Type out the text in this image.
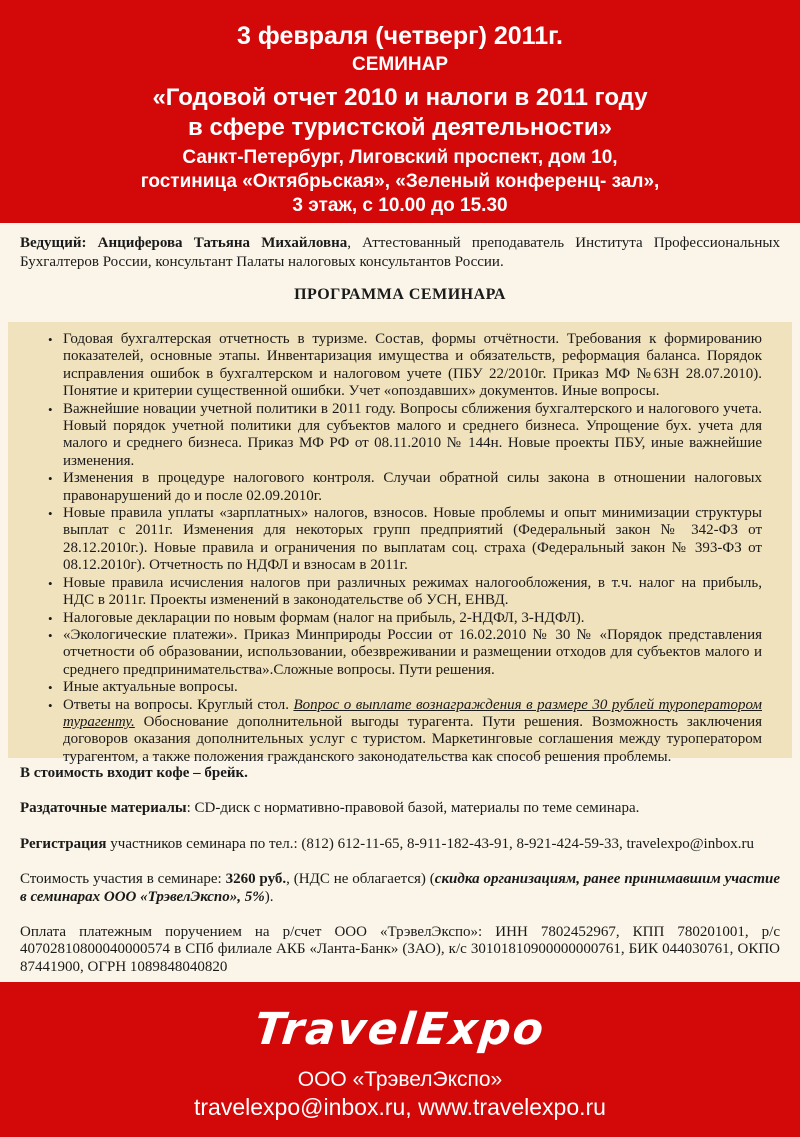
3 февраля (четверг) 2011г.
СЕМИНАР
«Годовой отчет 2010 и налоги в 2011 году
в сфере туристской деятельности»
Санкт-Петербург, Лиговский проспект, дом 10,
гостиница «Октябрьская», «Зеленый конференц- зал»,
3 этаж, с 10.00 до 15.30

Ведущий: Анциферова Татьяна Михайловна, Аттестованный преподаватель Института Профессиональных Бухгалтеров России, консультант Палаты налоговых консультантов России.

ПРОГРАММА СЕМИНАРА
• Годовая бухгалтерская отчетность в туризме. Состав, формы отчётности. Требования к формированию показателей, основные этапы. Инвентаризация имущества и обязательств, реформация баланса. Порядок исправления ошибок в бухгалтерском и налоговом учете (ПБУ 22/2010г. Приказ МФ №63Н 28.07.2010). Понятие и критерии существенной ошибки. Учет «опоздавших» документов. Иные вопросы.
• Важнейшие новации учетной политики в 2011 году. Вопросы сближения бухгалтерского и налогового учета. Новый порядок учетной политики для субъектов малого и среднего бизнеса. Упрощение бух. учета для малого и среднего бизнеса. Приказ МФ РФ от 08.11.2010 № 144н. Новые проекты ПБУ, иные важнейшие изменения.
• Изменения в процедуре налогового контроля. Случаи обратной силы закона в отношении налоговых правонарушений до и после 02.09.2010г.
• Новые правила уплаты «зарплатных» налогов, взносов. Новые проблемы и опыт минимизации структуры выплат с 2011г. Изменения для некоторых групп предприятий (Федеральный закон № 342-ФЗ от 28.12.2010г.). Новые правила и ограничения по выплатам соц. страха (Федеральный закон № 393-ФЗ от 08.12.2010г). Отчетность по НДФЛ и взносам в 2011г.
• Новые правила исчисления налогов при различных режимах налогообложения, в т.ч. налог на прибыль, НДС в 2011г. Проекты изменений в законодательстве об УСН, ЕНВД.
• Налоговые декларации по новым формам (налог на прибыль, 2-НДФЛ, 3-НДФЛ).
• «Экологические платежи». Приказ Минприроды России от 16.02.2010 № 30 № «Порядок представления отчетности об образовании, использовании, обезвреживании и размещении отходов для субъектов малого и среднего предпринимательства».Сложные вопросы. Пути решения.
• Иные актуальные вопросы.
• Ответы на вопросы. Круглый стол. Вопрос о выплате вознаграждения в размере 30 рублей туроператором турагенту. Обоснование дополнительной выгоды турагента. Пути решения. Возможность заключения договоров оказания дополнительных услуг с туристом. Маркетинговые соглашения между туроператором турагентом, а также положения гражданского законодательства как способ решения проблемы.

В стоимость входит кофе – брейк.

Раздаточные материалы: CD-диск с нормативно-правовой базой, материалы по теме семинара.

Регистрация участников семинара по тел.: (812) 612-11-65, 8-911-182-43-91, 8-921-424-59-33, travelexpo@inbox.ru

Стоимость участия в семинаре: 3260 руб., (НДС не облагается) (скидка организациям, ранее принимавшим участие в семинарах ООО «ТрэвелЭкспо», 5%).

Оплата платежным поручением на р/счет ООО «ТрэвелЭкспо»: ИНН 7802452967, КПП 780201001, р/с 40702810800040000574 в СПб филиале АКБ «Ланта-Банк» (ЗАО), к/с 30101810900000000761, БИК 044030761, ОКПО 87441900, ОГРН 1089848040820

TravelExpo
ООО «ТрэвелЭкспо»
travelexpo@inbox.ru, www.travelexpo.ru
